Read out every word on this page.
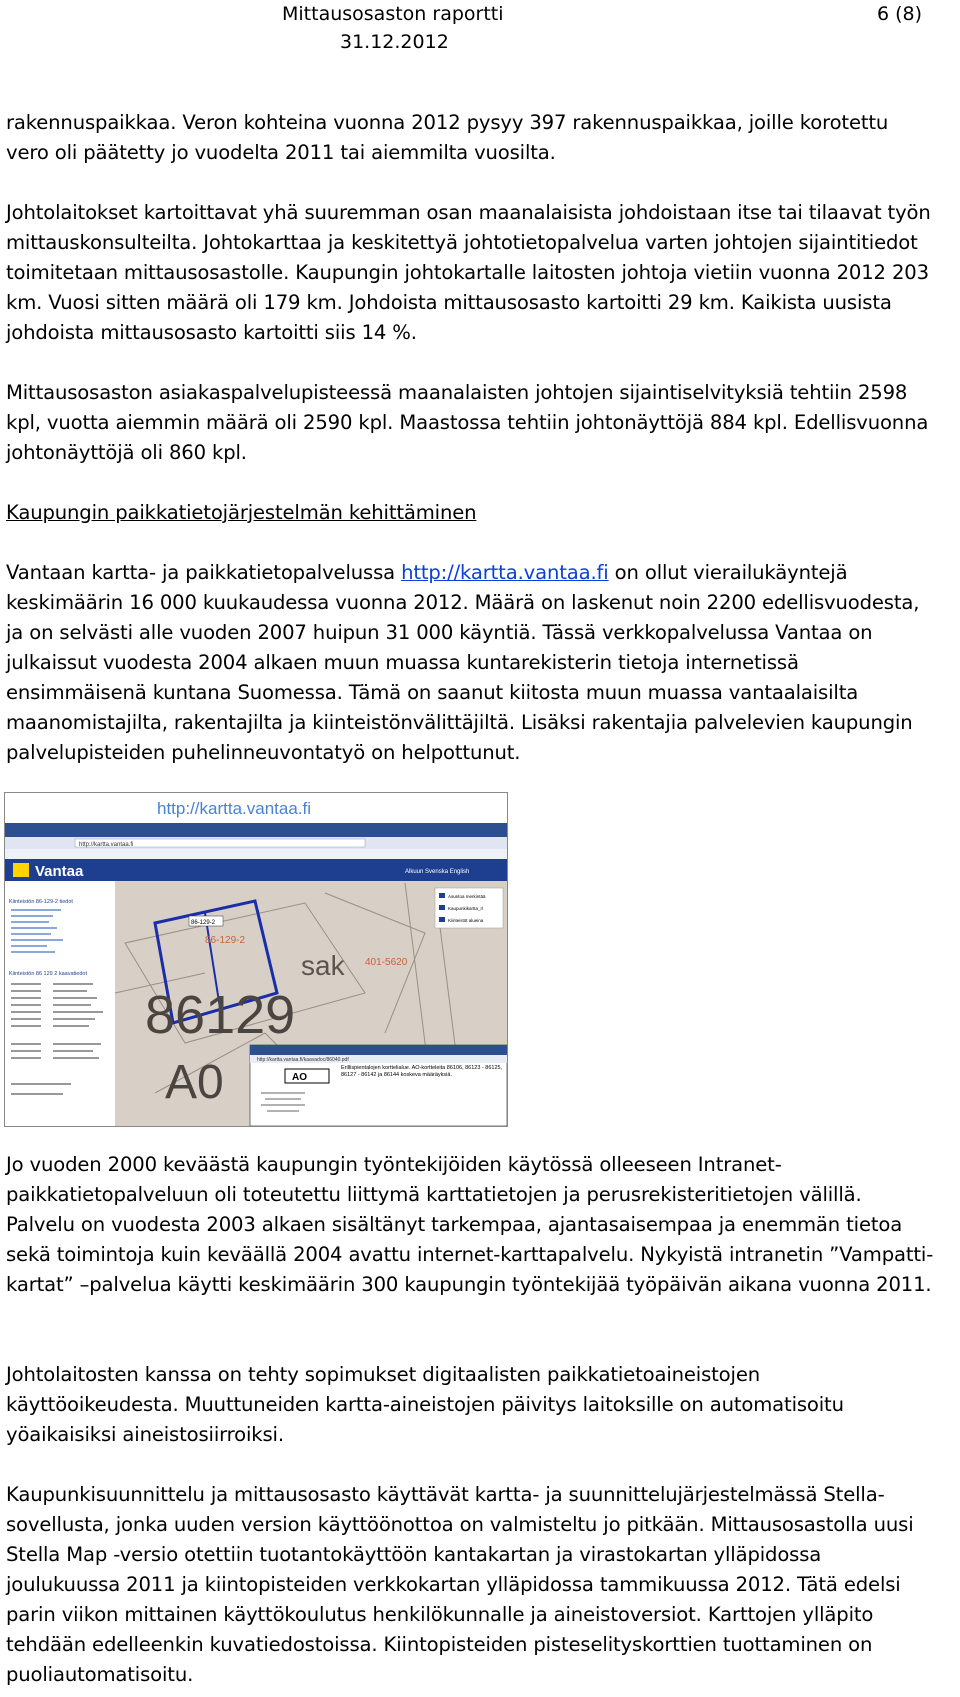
Mittausosaston raportti	6 (8)
31.12.2012

rakennuspaikkaa. Veron kohteina vuonna 2012 pysyy 397 rakennuspaikkaa, joille korotettu vero oli päätetty jo vuodelta 2011 tai aiemmilta vuosilta.

Johtolaitokset kartoittavat yhä suuremman osan maanalaisista johdoistaan itse tai tilaavat työn mittauskonsulteilta. Johtokarttaa ja keskitettyä johtotietopalvelua varten johtojen sijaintitiedot toimitetaan mittausosastolle. Kaupungin johtokartalle laitosten johtoja vietiin vuonna 2012 203 km. Vuosi sitten määrä oli 179 km. Johdoista mittausosasto kartoitti 29 km. Kaikista uusista johdoista mittausosasto kartoitti siis 14 %.

Mittausosaston asiakaspalvelupisteessä maanalaisten johtojen sijaintiselvityksiä tehtiin 2598 kpl, vuotta aiemmin määrä oli 2590 kpl. Maastossa tehtiin johtonäyttöjä 884 kpl. Edellisvuonna johtonäyttöjä oli 860 kpl.

Kaupungin paikkatietojärjestelmän kehittäminen

Vantaan kartta- ja paikkatietopalvelussa http://kartta.vantaa.fi on ollut vierailukäyntejä keskimäärin 16 000 kuukaudessa vuonna 2012. Määrä on laskenut noin 2200 edellisvuodesta, ja on selvästi alle vuoden 2007 huipun 31 000 käyntiä. Tässä verkkopalvelussa Vantaa on julkaissut vuodesta 2004 alkaen muun muassa kuntarekisterin tietoja internetissä ensimmäisenä kuntana Suomessa. Tämä on saanut kiitosta muun muassa vantaalaisilta maanomistajilta, rakentajilta ja kiinteistönvälittäjiltä. Lisäksi rakentajia palvelevien kaupungin palvelupisteiden puhelinneuvontatyö on helpottunut.

http://kartta.vantaa.fi
http://kartta.vantaa.fi
Vantaa	Alkuun Svenska English
Kiinteistön 86-129-2 tiedot
Kiinteistön 86 129 2 kaavatiedot
86-129-2
86-129-2
86129
A0
sak 401-5620
Asuntoa merkintää
Kaupunkikartta_rl
Kiinteistöt alueina
http://kartta.vantaa.fi/kaavadoc/86040.pdf
AO
Erillispientalojen korttelialue. AO-kortteleita 86106, 86123 - 86125, 86127 - 86142 ja 86144 koskeva määräyksiä.

Jo vuoden 2000 keväästä kaupungin työntekijöiden käytössä olleeseen Intranet-paikkatietopalveluun oli toteutettu liittymä karttatietojen ja perusrekisteritietojen välillä. Palvelu on vuodesta 2003 alkaen sisältänyt tarkempaa, ajantasaisempaa ja enemmän tietoa sekä toimintoja kuin keväällä 2004 avattu internet-karttapalvelu. Nykyistä intranetin ”Vampatti-kartat” –palvelua käytti keskimäärin 300 kaupungin työntekijää työpäivän aikana vuonna 2011.

Johtolaitosten kanssa on tehty sopimukset digitaalisten paikkatietoaineistojen käyttöoikeudesta. Muuttuneiden kartta-aineistojen päivitys laitoksille on automatisoitu yöaikaisiksi aineistosiirroiksi.

Kaupunkisuunnittelu ja mittausosasto käyttävät kartta- ja suunnittelujärjestelmässä Stella-sovellusta, jonka uuden version käyttöönottoa on valmisteltu jo pitkään. Mittausosastolla uusi Stella Map -versio otettiin tuotantokäyttöön kantakartan ja virastokartan ylläpidossa joulukuussa 2011 ja kiintopisteiden verkkokartan ylläpidossa tammikuussa 2012. Tätä edelsi parin viikon mittainen käyttökoulutus henkilökunnalle ja aineistoversiot. Karttojen ylläpito tehdään edelleenkin kuvatiedostoissa. Kiintopisteiden pisteselityskorttien tuottaminen on puoliautomatisoitu.
